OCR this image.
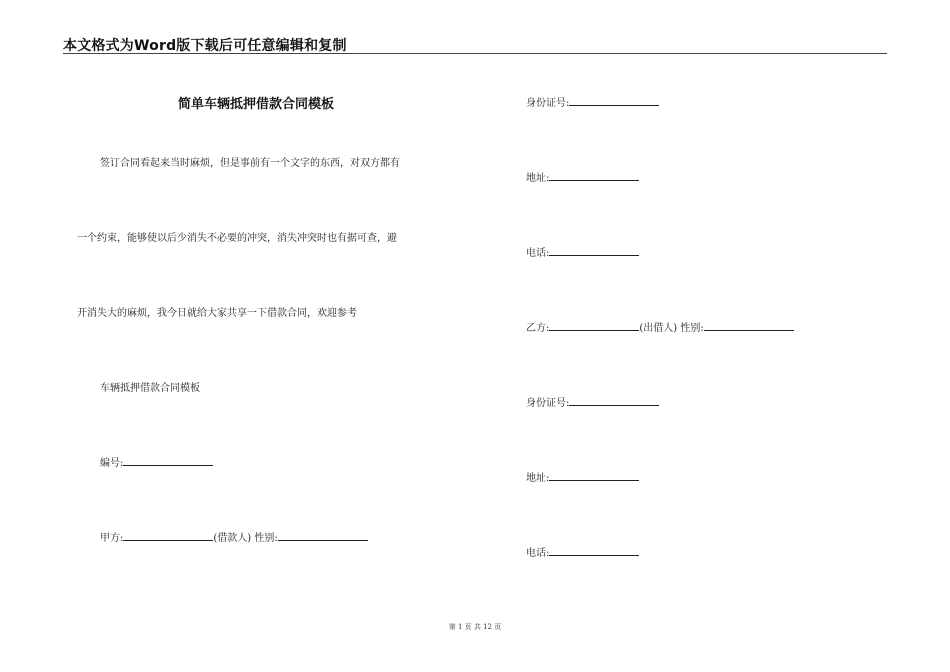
本文格式为Word版下载后可任意编辑和复制
简单车辆抵押借款合同模板
签订合同看起来当时麻烦，但是事前有一个文字的东西，对双方都有
一个约束，能够使以后少消失不必要的冲突，消失冲突时也有据可查，避
开消失大的麻烦，我今日就给大家共享一下借款合同，欢迎参考
车辆抵押借款合同模板
编号:
甲方:	(借款人) 性别:
身份证号:
地址:
电话:
乙方:	(出借人) 性别:
身份证号:
地址:
电话:
第 1 页 共 12 页
